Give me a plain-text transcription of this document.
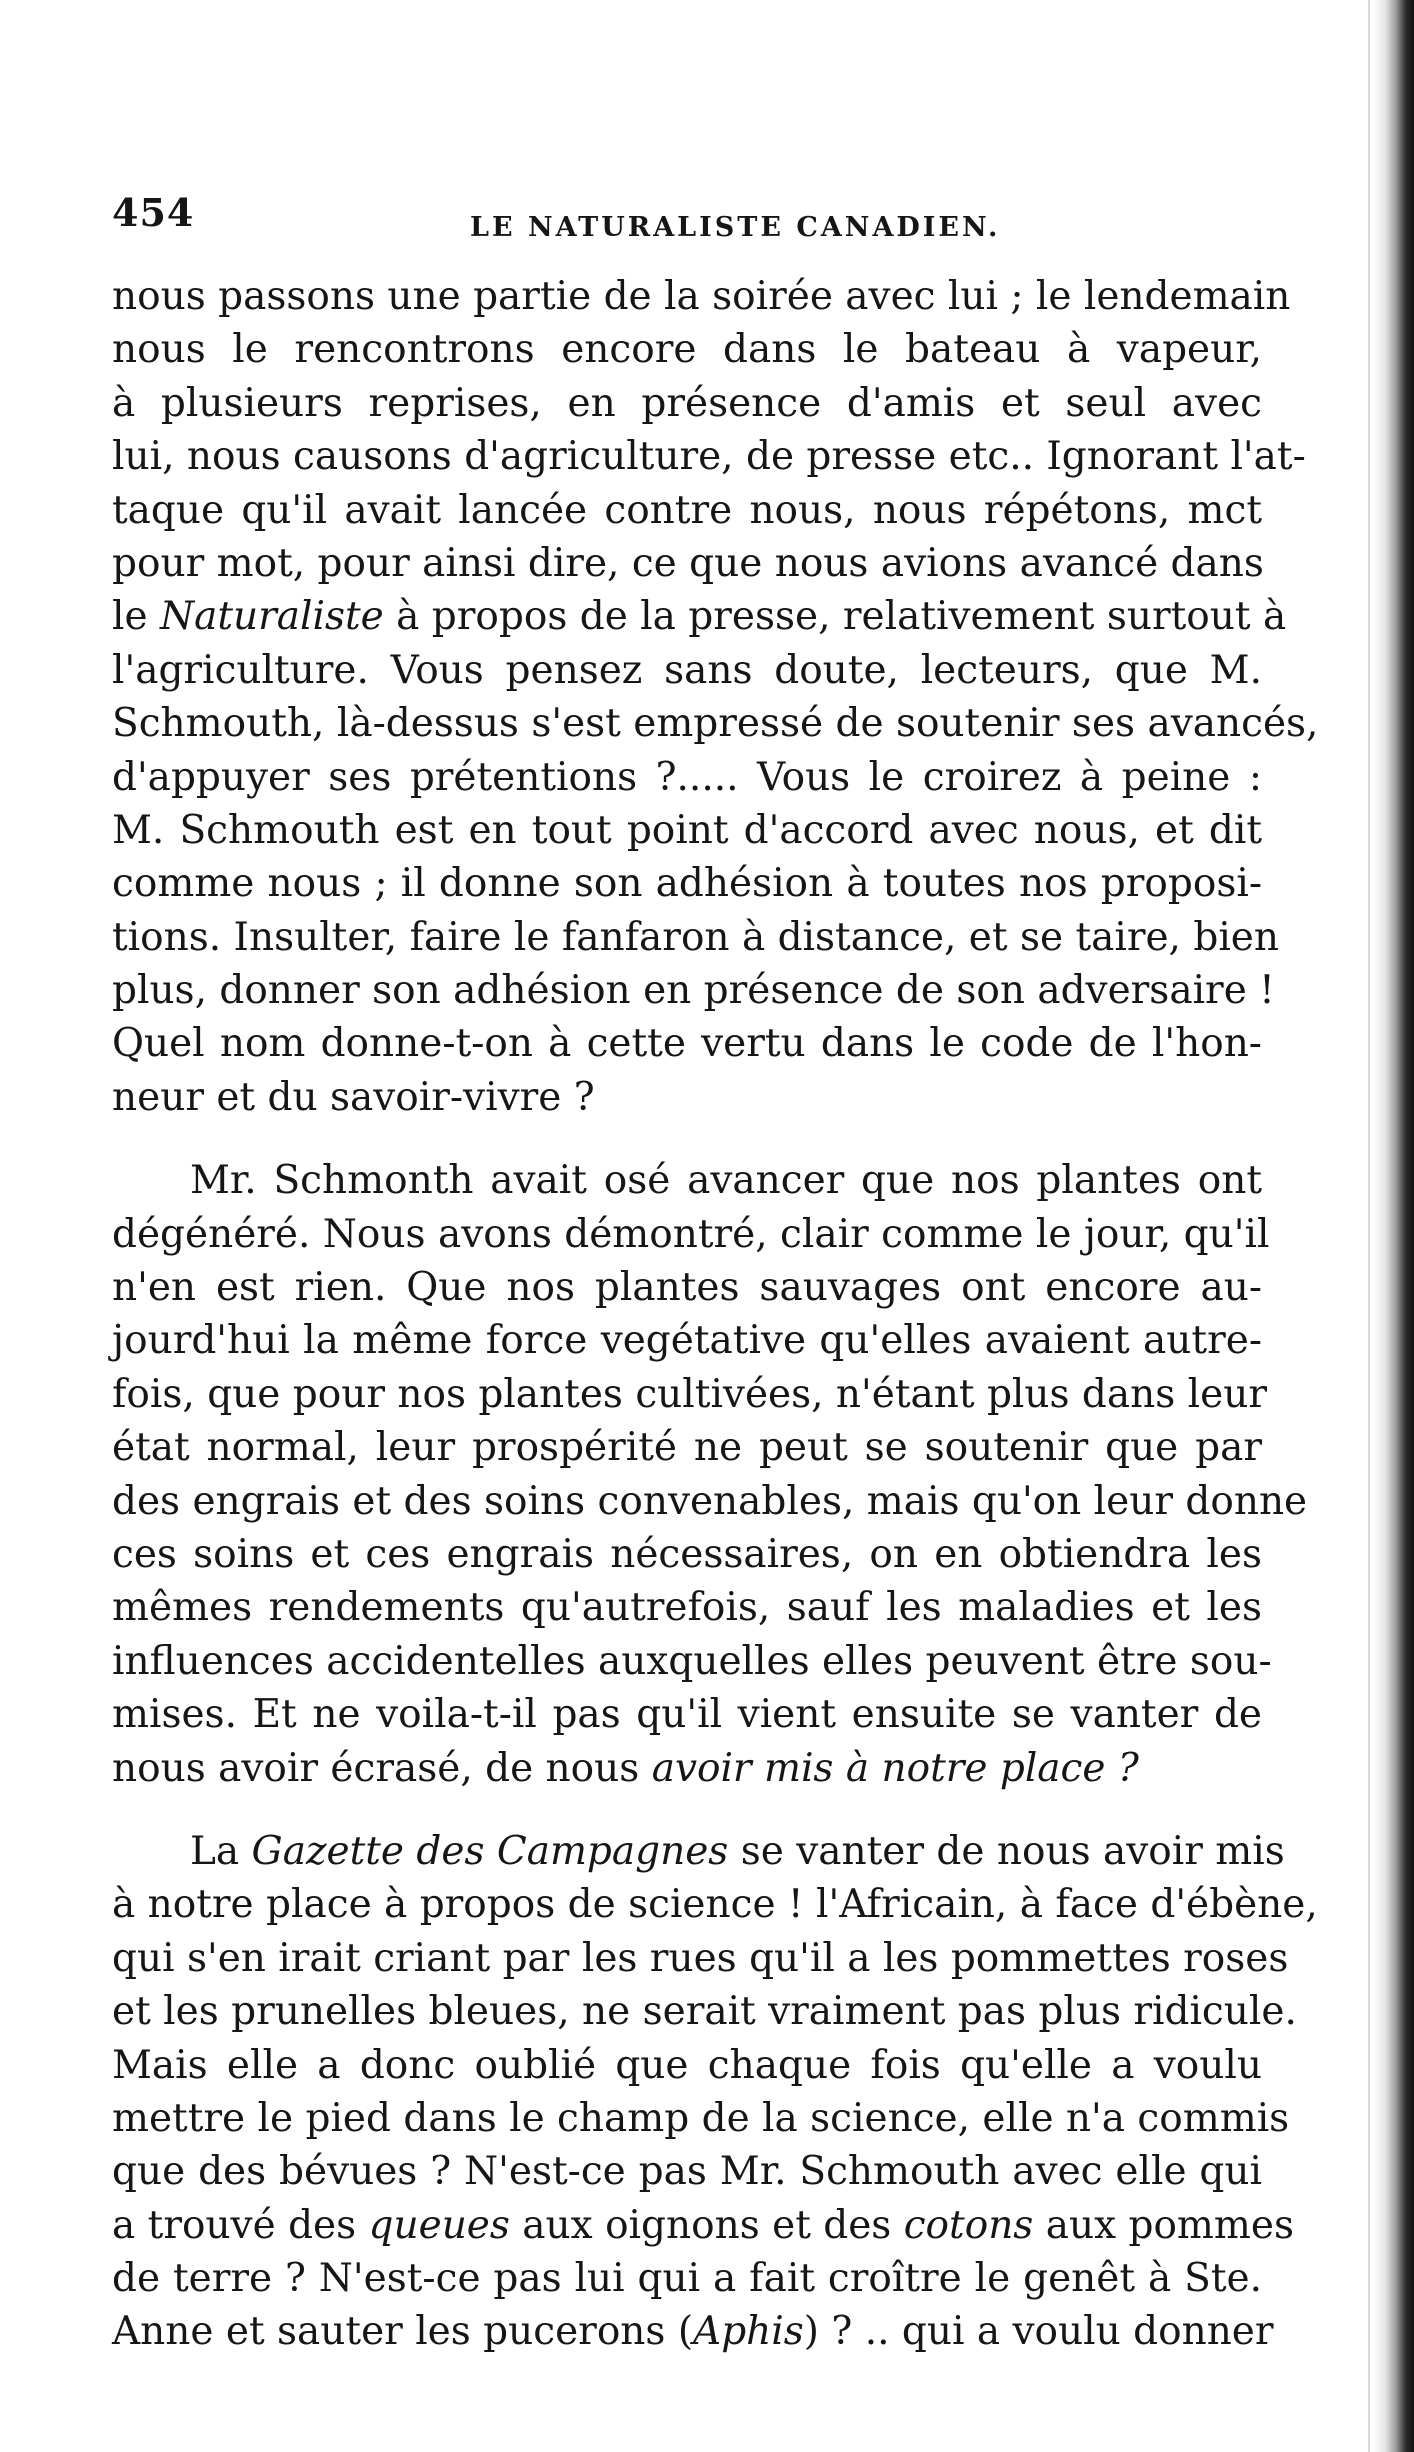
454	LE NATURALISTE CANADIEN.
nous passons une partie de la soirée avec lui ; le lendemain
nous le rencontrons encore dans le bateau à vapeur,
à plusieurs reprises, en présence d'amis et seul avec
lui, nous causons d'agriculture, de presse etc.. Ignorant l'at-
taque qu'il avait lancée contre nous, nous répétons, mct
pour mot, pour ainsi dire, ce que nous avions avancé dans
le Naturaliste à propos de la presse, relativement surtout à
l'agriculture. Vous pensez sans doute, lecteurs, que M.
Schmouth, là-dessus s'est empressé de soutenir ses avancés,
d'appuyer ses prétentions ?..... Vous le croirez à peine :
M. Schmouth est en tout point d'accord avec nous, et dit
comme nous ; il donne son adhésion à toutes nos proposi-
tions. Insulter, faire le fanfaron à distance, et se taire, bien
plus, donner son adhésion en présence de son adversaire !
Quel nom donne-t-on à cette vertu dans le code de l'hon-
neur et du savoir-vivre ?
Mr. Schmonth avait osé avancer que nos plantes ont
dégénéré. Nous avons démontré, clair comme le jour, qu'il
n'en est rien. Que nos plantes sauvages ont encore au-
jourd'hui la même force vegétative qu'elles avaient autre-
fois, que pour nos plantes cultivées, n'étant plus dans leur
état normal, leur prospérité ne peut se soutenir que par
des engrais et des soins convenables, mais qu'on leur donne
ces soins et ces engrais nécessaires, on en obtiendra les
mêmes rendements qu'autrefois, sauf les maladies et les
influences accidentelles auxquelles elles peuvent être sou-
mises. Et ne voila-t-il pas qu'il vient ensuite se vanter de
nous avoir écrasé, de nous avoir mis à notre place ?
La Gazette des Campagnes se vanter de nous avoir mis
à notre place à propos de science ! l'Africain, à face d'ébène,
qui s'en irait criant par les rues qu'il a les pommettes roses
et les prunelles bleues, ne serait vraiment pas plus ridicule.
Mais elle a donc oublié que chaque fois qu'elle a voulu
mettre le pied dans le champ de la science, elle n'a commis
que des bévues ? N'est-ce pas Mr. Schmouth avec elle qui
a trouvé des queues aux oignons et des cotons aux pommes
de terre ? N'est-ce pas lui qui a fait croître le genêt à Ste.
Anne et sauter les pucerons (Aphis) ? .. qui a voulu donner
